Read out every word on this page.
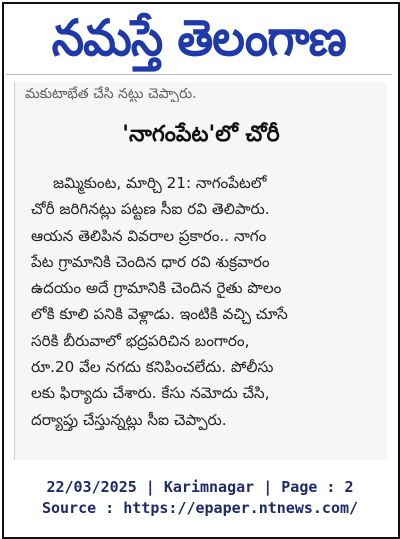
నమస్తే తెలంగాణ
మకుటాభేత చేసి నట్టు చెప్పారు.
'నాగంపేట'లో చోరీ
జమ్మికుంట, మార్చి 21: నాగంపేటలో
చోరీ జరిగినట్లు పట్టణ సీఐ రవి తెలిపారు.
ఆయన తెలిపిన వివరాల ప్రకారం.. నాగం
పేట గ్రామానికి చెందిన ధార రవి శుక్రవారం
ఉదయం అదే గ్రామానికి చెందిన రైతు పొలం
లోకి కూలి పనికి వెళ్లాడు. ఇంటికి వచ్చి చూసే
సరికి బీరువాలో భద్రపరిచిన బంగారం,
రూ.20 వేల నగదు కనిపించలేదు. పోలీసు
లకు ఫిర్యాదు చేశారు. కేసు నమోదు చేసి,
దర్యాప్తు చేస్తున్నట్లు సీఐ చెప్పారు.
22/03/2025 | Karimnagar | Page : 2
Source : https://epaper.ntnews.com/
